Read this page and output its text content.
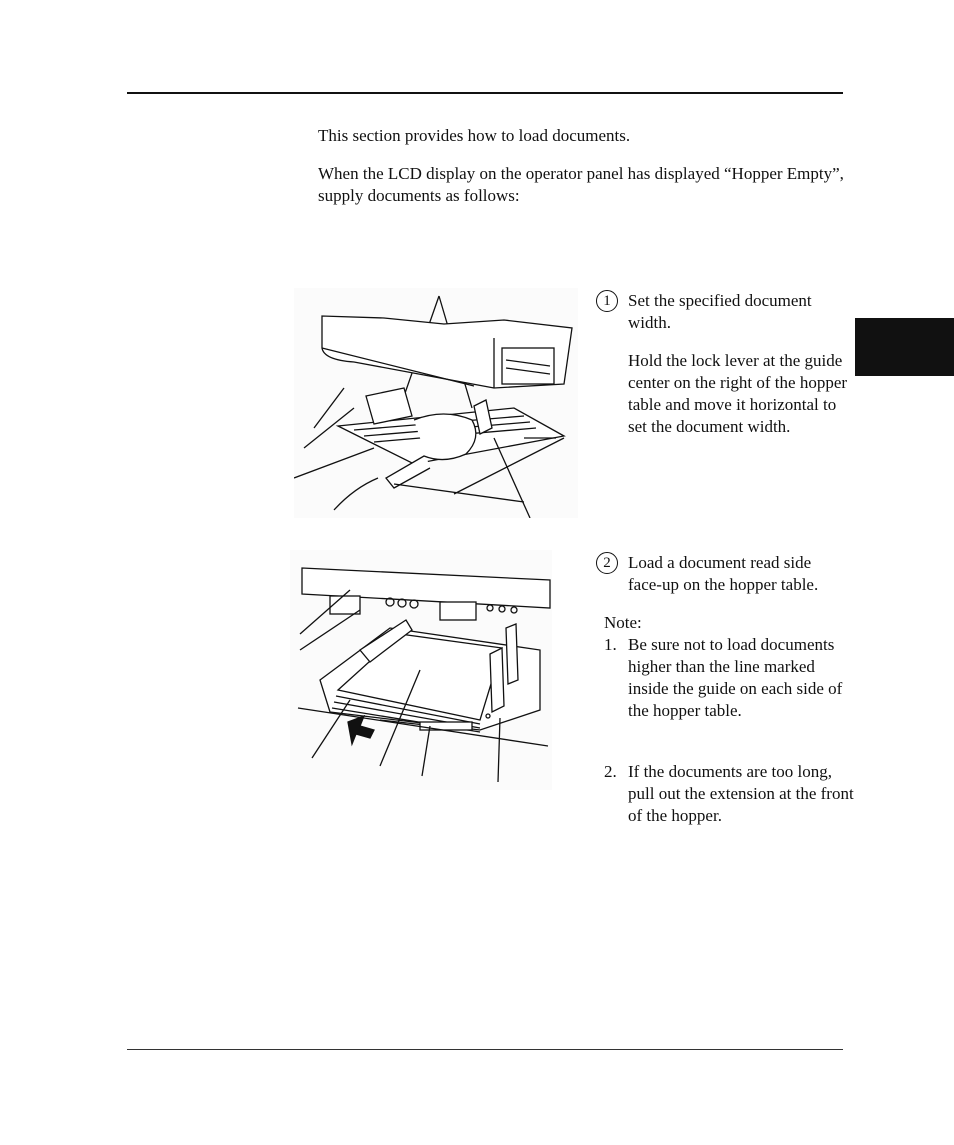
This section provides how to load documents.
When the LCD display on the operator panel has displayed “Hopper Empty”, supply documents as follows:
1	Set the specified document width.
Hold the lock lever at the guide center on the right of the hopper table and move it horizontal to set the document width.
2	Load a document read side face-up on the hopper table.
Note:
1. Be sure not to load documents higher than the line marked inside the guide on each side of the hopper table.
2. If the documents are too long, pull out the extension at the front of the hopper.
